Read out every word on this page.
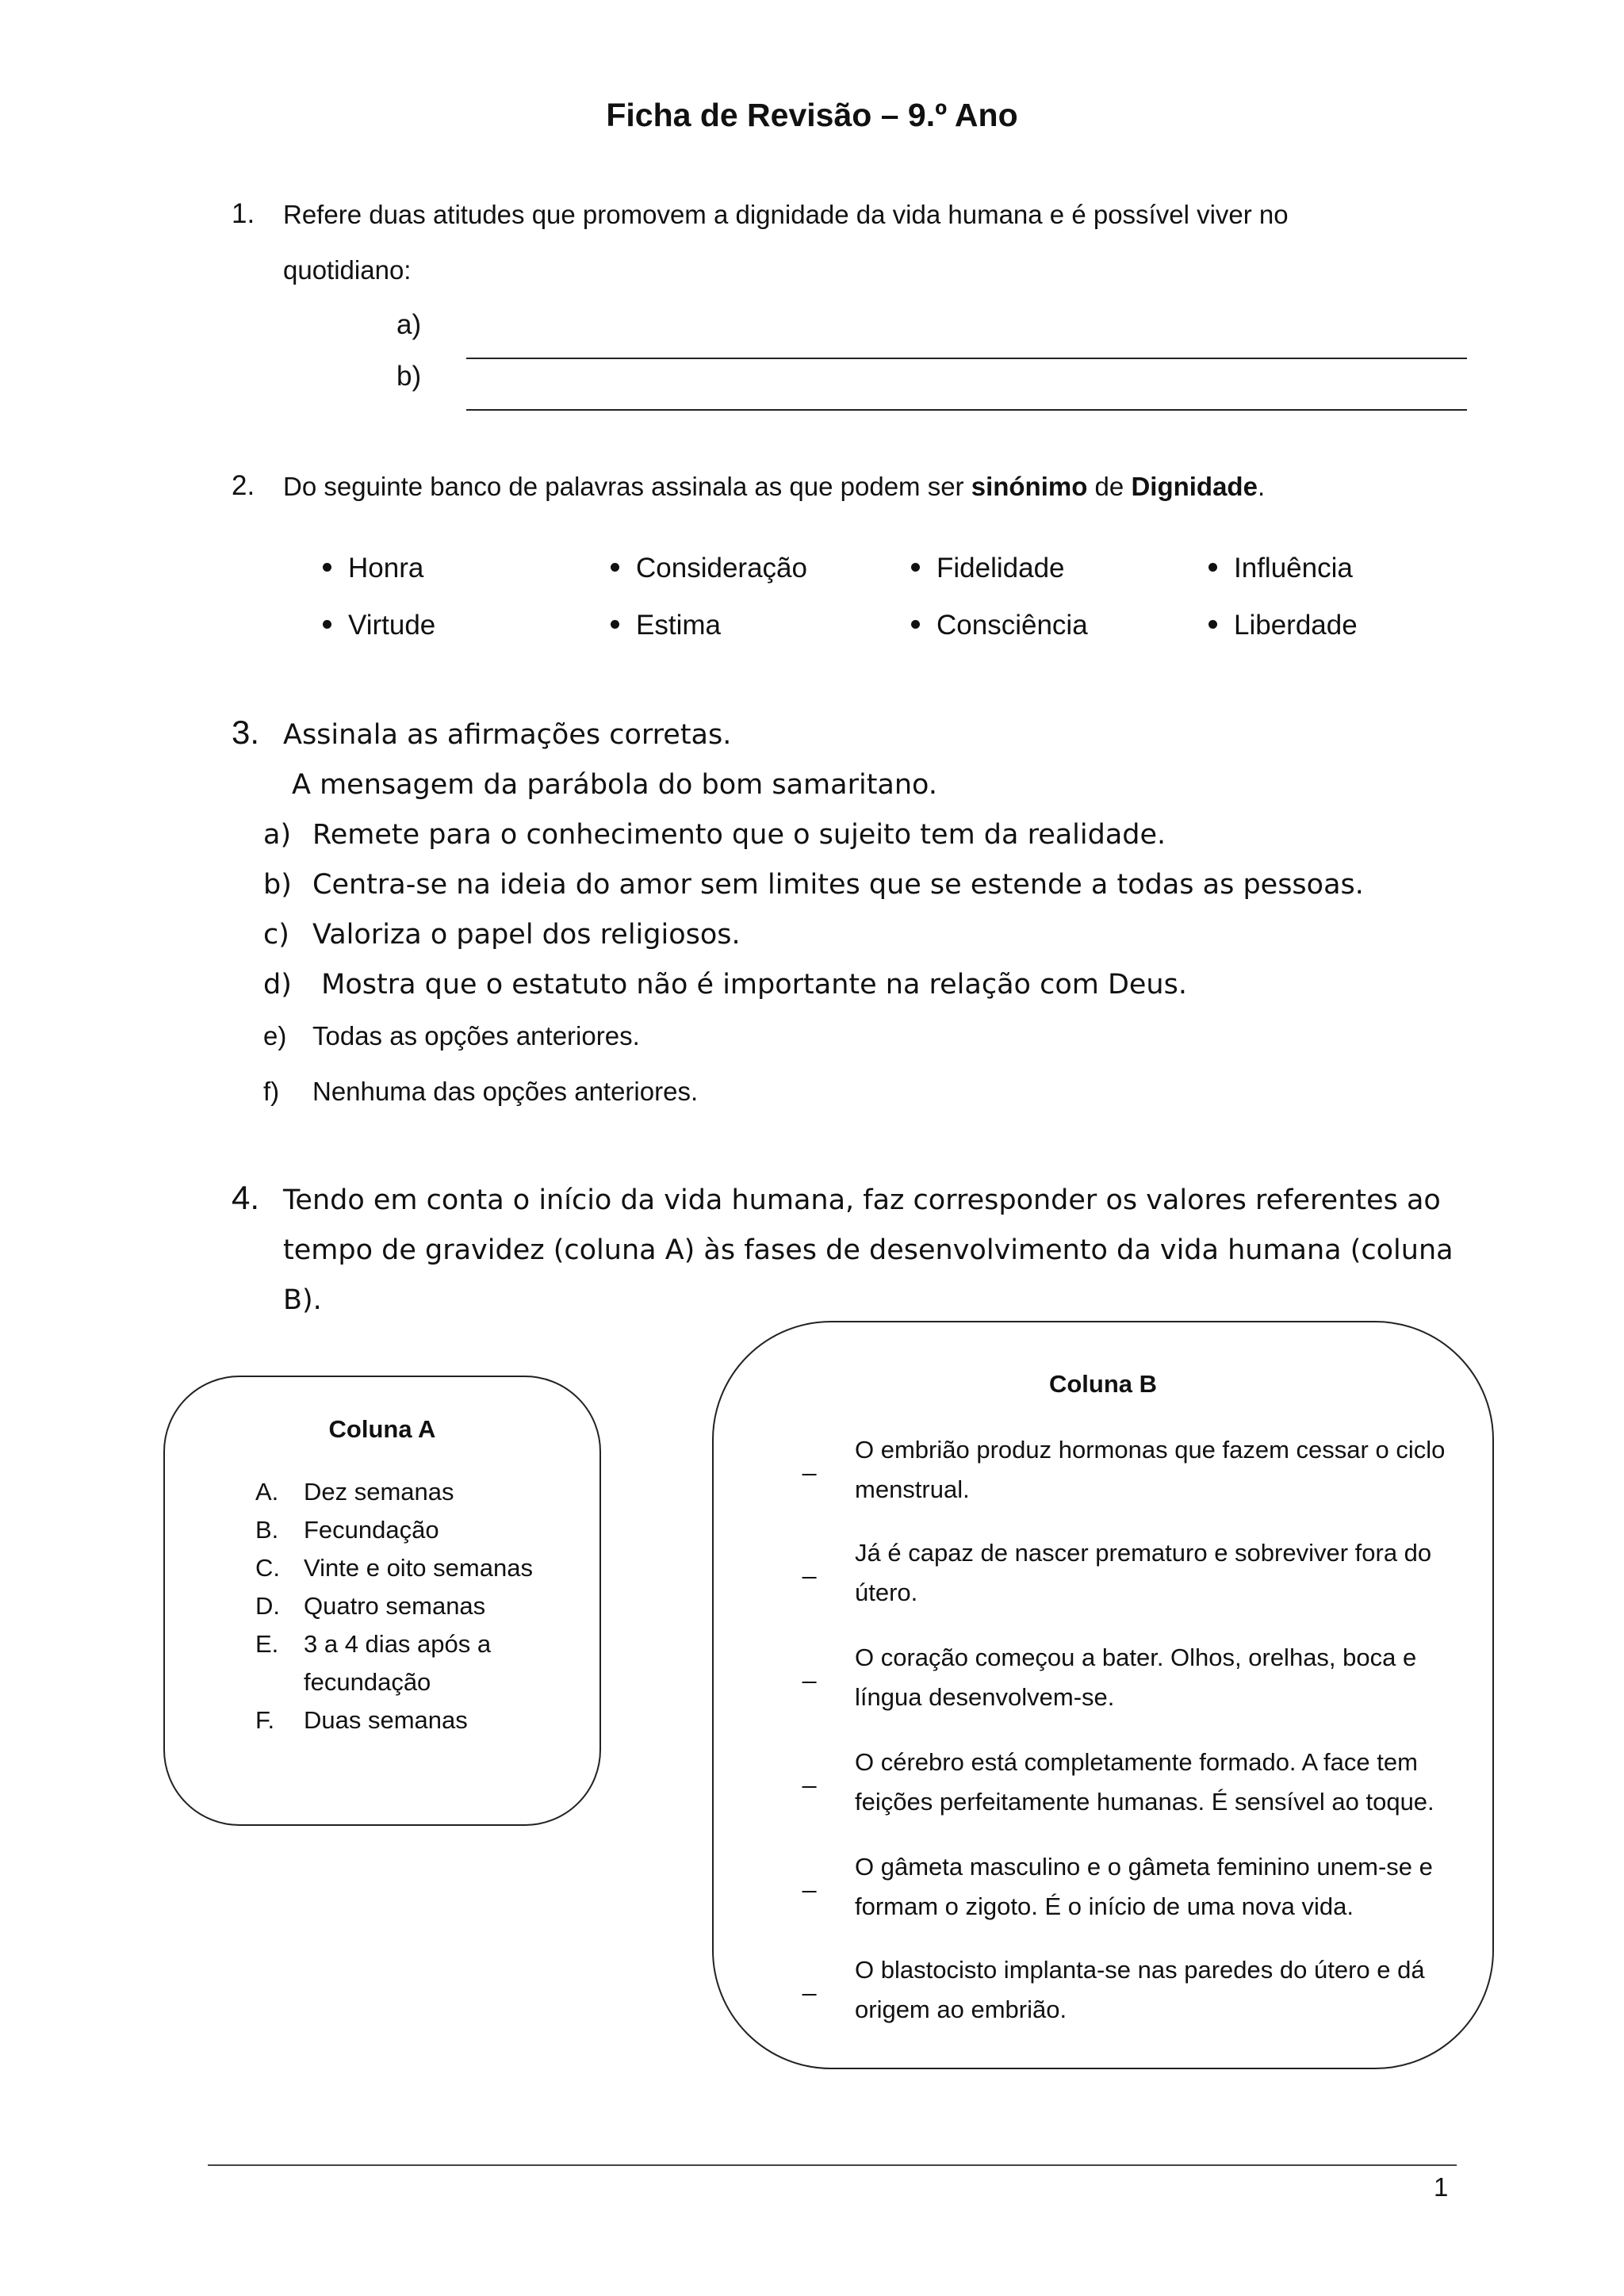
Ficha de Revisão – 9.º Ano
1. Refere duas atitudes que promovem a dignidade da vida humana e é possível viver no
quotidiano:
a)
b)
2. Do seguinte banco de palavras assinala as que podem ser sinónimo de Dignidade.
Honra	Consideração	Fidelidade	Influência
Virtude	Estima	Consciência	Liberdade
3. Assinala as afirmações corretas.
A mensagem da parábola do bom samaritano.
a) Remete para o conhecimento que o sujeito tem da realidade.
b) Centra-se na ideia do amor sem limites que se estende a todas as pessoas.
c) Valoriza o papel dos religiosos.
d) Mostra que o estatuto não é importante na relação com Deus.
e) Todas as opções anteriores.
f) Nenhuma das opções anteriores.
4. Tendo em conta o início da vida humana, faz corresponder os valores referentes ao
tempo de gravidez (coluna A) às fases de desenvolvimento da vida humana (coluna
B).
Coluna A
A. Dez semanas
B. Fecundação
C. Vinte e oito semanas
D. Quatro semanas
E. 3 a 4 dias após a
fecundação
F. Duas semanas
Coluna B
_ O embrião produz hormonas que fazem cessar o ciclo
menstrual.
_ Já é capaz de nascer prematuro e sobreviver fora do
útero.
_ O coração começou a bater. Olhos, orelhas, boca e
língua desenvolvem-se.
_ O cérebro está completamente formado. A face tem
feições perfeitamente humanas. É sensível ao toque.
_ O gâmeta masculino e o gâmeta feminino unem-se e
formam o zigoto. É o início de uma nova vida.
_ O blastocisto implanta-se nas paredes do útero e dá
origem ao embrião.
1
